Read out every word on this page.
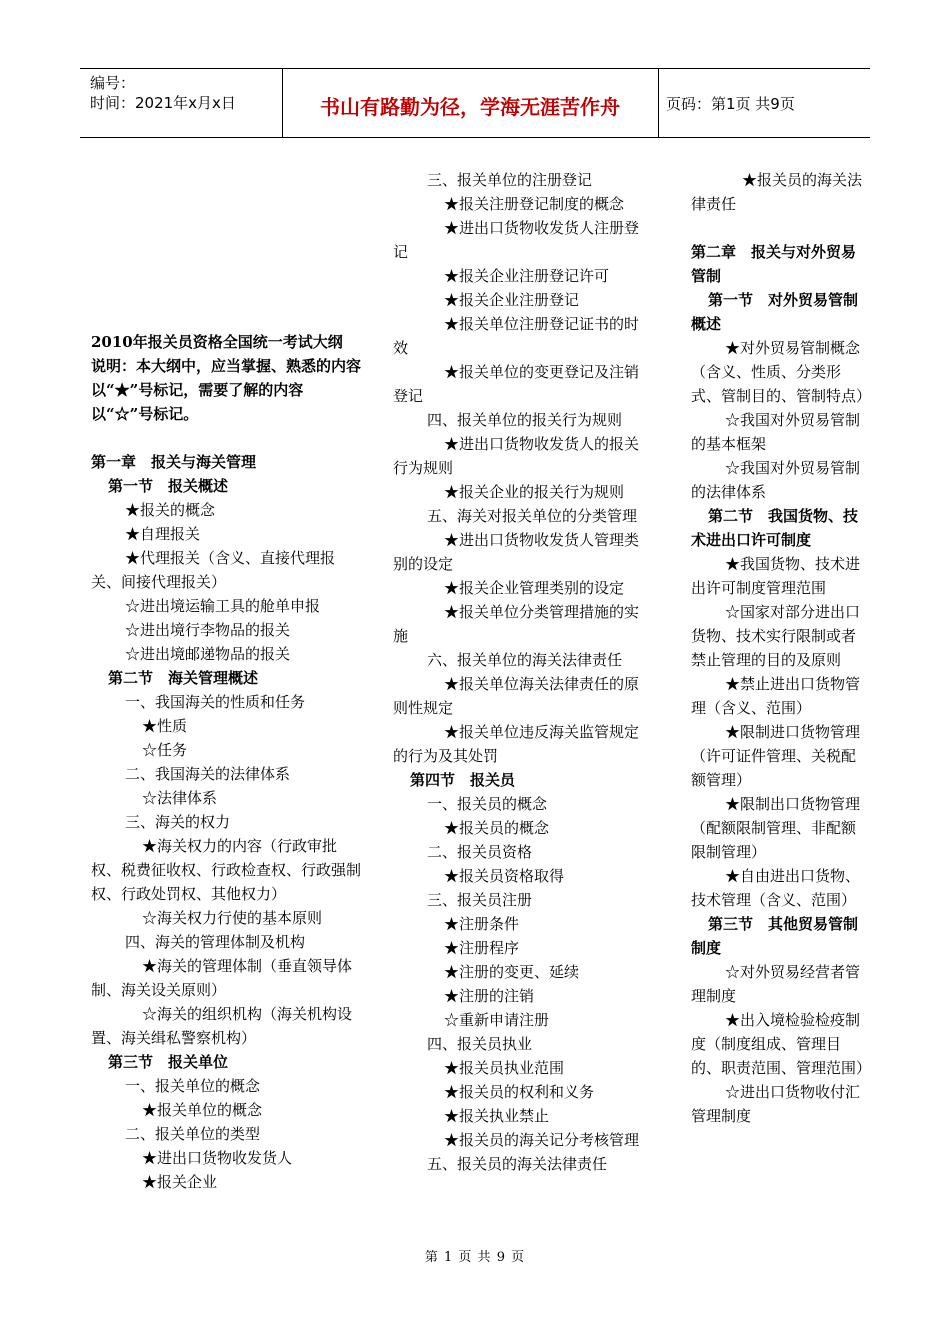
编号：
时间：2021年x月x日	书山有路勤为径，学海无涯苦作舟	页码：第1页 共9页

2010年报关员资格全国统一考试大纲

说明：本大纲中，应当掌握、熟悉的内容以“★”号标记，需要了解的内容以“☆”号标记。

第一章　报关与海关管理

第一节　报关概述

★报关的概念

★自理报关

★代理报关（含义、直接代理报关、间接代理报关）

☆进出境运输工具的舱单申报

☆进出境行李物品的报关

☆进出境邮递物品的报关

第二节　海关管理概述

一、我国海关的性质和任务

★性质

☆任务

二、我国海关的法律体系

☆法律体系

三、海关的权力

★海关权力的内容（行政审批权、税费征收权、行政检查权、行政强制权、行政处罚权、其他权力）

☆海关权力行使的基本原则

四、海关的管理体制及机构

★海关的管理体制（垂直领导体制、海关设关原则）

☆海关的组织机构（海关机构设置、海关缉私警察机构）

第三节　报关单位

一、报关单位的概念

★报关单位的概念

二、报关单位的类型

★进出口货物收发货人

★报关企业

三、报关单位的注册登记

★报关注册登记制度的概念

★进出口货物收发货人注册登记

★报关企业注册登记许可

★报关企业注册登记

★报关单位注册登记证书的时效

★报关单位的变更登记及注销登记

四、报关单位的报关行为规则

★进出口货物收发货人的报关行为规则

★报关企业的报关行为规则

五、海关对报关单位的分类管理

★进出口货物收发货人管理类别的设定

★报关企业管理类别的设定

★报关单位分类管理措施的实施

六、报关单位的海关法律责任

★报关单位海关法律责任的原则性规定

★报关单位违反海关监管规定的行为及其处罚

第四节　报关员

一、报关员的概念

★报关员的概念

二、报关员资格

★报关员资格取得

三、报关员注册

★注册条件

★注册程序

★注册的变更、延续

★注册的注销

☆重新申请注册

四、报关员执业

★报关员执业范围

★报关员的权利和义务

★报关执业禁止

★报关员的海关记分考核管理

五、报关员的海关法律责任

★报关员的海关法律责任

第二章　报关与对外贸易管制

第一节　对外贸易管制概述

★对外贸易管制概念（含义、性质、分类形式、管制目的、管制特点）

☆我国对外贸易管制的基本框架

☆我国对外贸易管制的法律体系

第二节　我国货物、技术进出口许可制度

★我国货物、技术进出许可制度管理范围

☆国家对部分进出口货物、技术实行限制或者禁止管理的目的及原则

★禁止进出口货物管理（含义、范围）

★限制进口货物管理（许可证件管理、关税配额管理）

★限制出口货物管理（配额限制管理、非配额限制管理）

★自由进出口货物、技术管理（含义、范围）

第三节　其他贸易管制制度

☆对外贸易经营者管理制度

★出入境检验检疫制度（制度组成、管理目的、职责范围、管理范围）

☆进出口货物收付汇管理制度

第 1 页 共 9 页
